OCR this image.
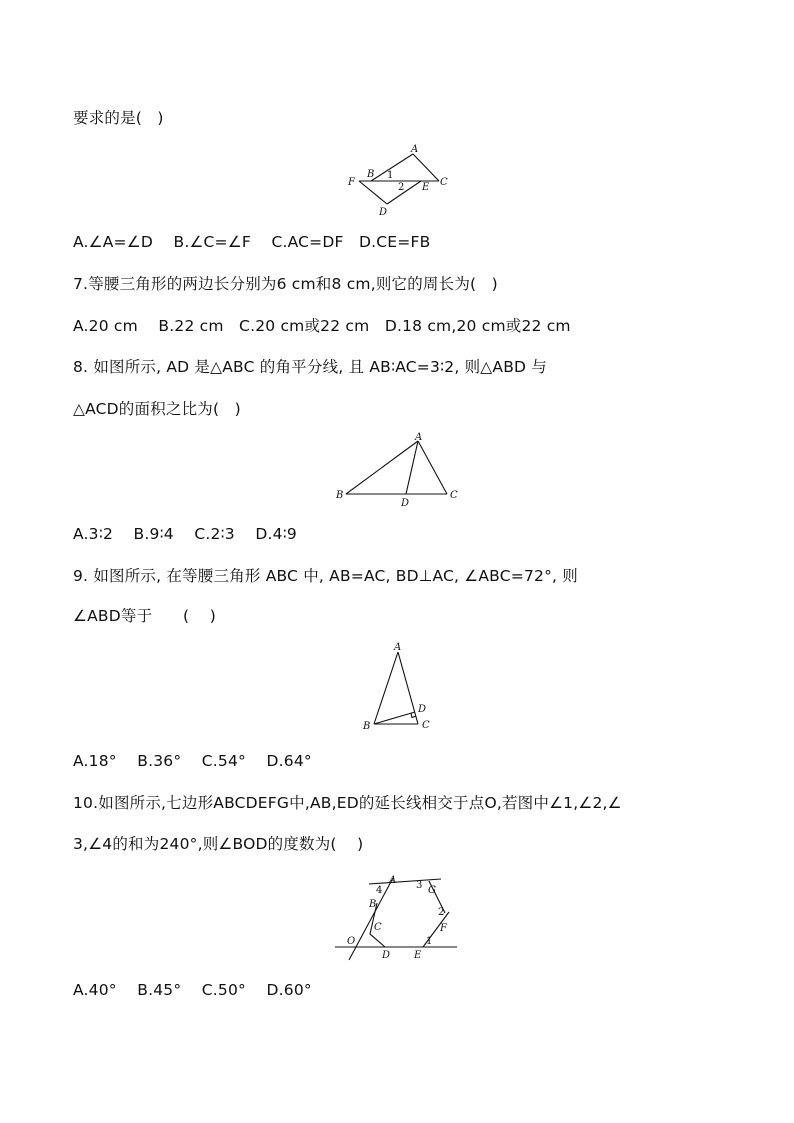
要求的是(   )
A
B
C
D
E
F
1
2
A.∠A=∠D    B.∠C=∠F    C.AC=DF   D.CE=FB
7.等腰三角形的两边长分别为6 cm和8 cm,则它的周长为(   )
A.20 cm    B.22 cm   C.20 cm或22 cm   D.18 cm,20 cm或22 cm
8. 如图所示, AD 是△ABC 的角平分线, 且 AB∶AC=3∶2, 则△ABD 与
△ACD的面积之比为(   )
A
B	C
D
A.3∶2    B.9∶4    C.2∶3    D.4∶9
9. 如图所示, 在等腰三角形 ABC 中, AB=AC, BD⊥AC, ∠ABC=72°, 则
∠ABD等于      (    )
A
B	C
D
A.18°    B.36°    C.54°    D.64°
10.如图所示,七边形ABCDEFG中,AB,ED的延长线相交于点O,若图中∠1,∠2,∠
3,∠4的和为240°,则∠BOD的度数为(    )
O
A
B
C
D E
F
G
1
2
3
4
A.40°    B.45°    C.50°    D.60°
